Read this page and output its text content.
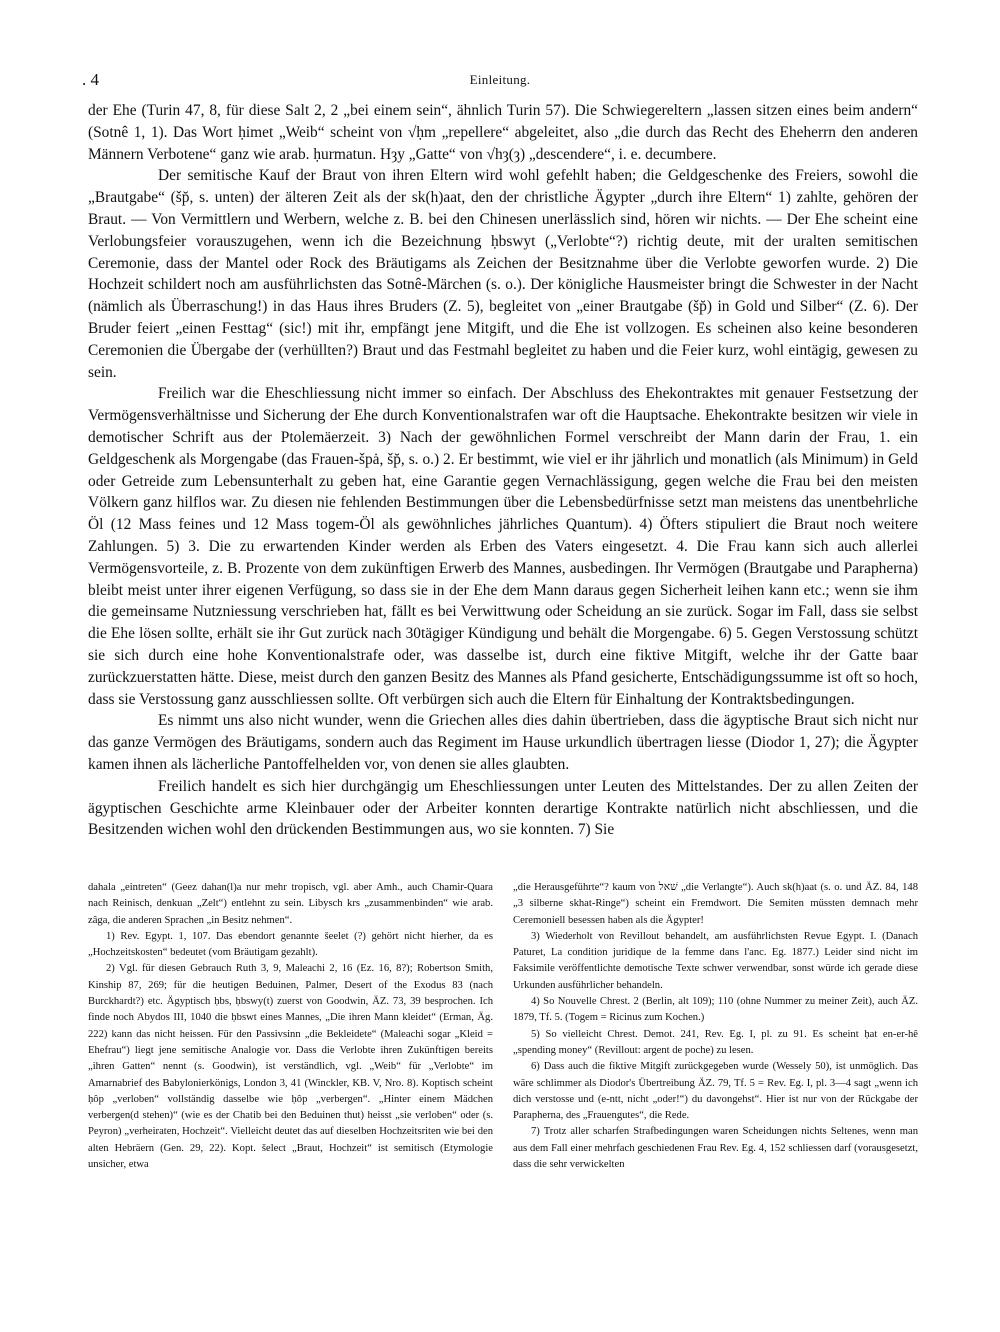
. 4	Einleitung.

der Ehe (Turin 47, 8, für diese Salt 2, 2 „bei einem sein“, ähnlich Turin 57). Die Schwiegereltern „lassen sitzen eines beim andern“ (Sotnê 1, 1). Das Wort ḥimet „Weib“ scheint von √ḥm „repellere“ abgeleitet, also „die durch das Recht des Eheherrn den anderen Männern Verbotene“ ganz wie arab. ḥurmatun. Hȝy „Gatte“ von √hȝ(ȝ) „descendere“, i. e. decumbere.

Der semitische Kauf der Braut von ihren Eltern wird wohl gefehlt haben; die Geldgeschenke des Freiers, sowohl die „Brautgabe“ (šp̆, s. unten) der älteren Zeit als der sk(h)aat, den der christliche Ägypter „durch ihre Eltern“ 1) zahlte, gehören der Braut. — Von Vermittlern und Werbern, welche z. B. bei den Chinesen unerlässlich sind, hören wir nichts. — Der Ehe scheint eine Verlobungsfeier vorauszugehen, wenn ich die Bezeichnung ḥbswyt („Verlobte“?) richtig deute, mit der uralten semitischen Ceremonie, dass der Mantel oder Rock des Bräutigams als Zeichen der Besitznahme über die Verlobte geworfen wurde. 2) Die Hochzeit schildert noch am ausführlichsten das Sotnê-Märchen (s. o.). Der königliche Hausmeister bringt die Schwester in der Nacht (nämlich als Überraschung!) in das Haus ihres Bruders (Z. 5), begleitet von „einer Brautgabe (šp̆) in Gold und Silber“ (Z. 6). Der Bruder feiert „einen Festtag“ (sic!) mit ihr, empfängt jene Mitgift, und die Ehe ist vollzogen. Es scheinen also keine besonderen Ceremonien die Übergabe der (verhüllten?) Braut und das Festmahl begleitet zu haben und die Feier kurz, wohl eintägig, gewesen zu sein.

Freilich war die Eheschliessung nicht immer so einfach. Der Abschluss des Ehekontraktes mit genauer Festsetzung der Vermögensverhältnisse und Sicherung der Ehe durch Konventionalstrafen war oft die Hauptsache. Ehekontrakte besitzen wir viele in demotischer Schrift aus der Ptolemäerzeit. 3) Nach der gewöhnlichen Formel verschreibt der Mann darin der Frau, 1. ein Geldgeschenk als Morgengabe (das Frauen-špȧ, šp̆, s. o.) 2. Er bestimmt, wie viel er ihr jährlich und monatlich (als Minimum) in Geld oder Getreide zum Lebensunterhalt zu geben hat, eine Garantie gegen Vernachlässigung, gegen welche die Frau bei den meisten Völkern ganz hilflos war. Zu diesen nie fehlenden Bestimmungen über die Lebensbedürfnisse setzt man meistens das unentbehrliche Öl (12 Mass feines und 12 Mass togem-Öl als gewöhnliches jährliches Quantum). 4) Öfters stipuliert die Braut noch weitere Zahlungen. 5) 3. Die zu erwartenden Kinder werden als Erben des Vaters eingesetzt. 4. Die Frau kann sich auch allerlei Vermögensvorteile, z. B. Prozente von dem zukünftigen Erwerb des Mannes, ausbedingen. Ihr Vermögen (Brautgabe und Parapherna) bleibt meist unter ihrer eigenen Verfügung, so dass sie in der Ehe dem Mann daraus gegen Sicherheit leihen kann etc.; wenn sie ihm die gemeinsame Nutzniessung verschrieben hat, fällt es bei Verwittwung oder Scheidung an sie zurück. Sogar im Fall, dass sie selbst die Ehe lösen sollte, erhält sie ihr Gut zurück nach 30tägiger Kündigung und behält die Morgengabe. 6) 5. Gegen Verstossung schützt sie sich durch eine hohe Konventionalstrafe oder, was dasselbe ist, durch eine fiktive Mitgift, welche ihr der Gatte baar zurückzuerstatten hätte. Diese, meist durch den ganzen Besitz des Mannes als Pfand gesicherte, Entschädigungssumme ist oft so hoch, dass sie Verstossung ganz ausschliessen sollte. Oft verbürgen sich auch die Eltern für Einhaltung der Kontraktsbedingungen.

Es nimmt uns also nicht wunder, wenn die Griechen alles dies dahin übertrieben, dass die ägyptische Braut sich nicht nur das ganze Vermögen des Bräutigams, sondern auch das Regiment im Hause urkundlich übertragen liesse (Diodor 1, 27); die Ägypter kamen ihnen als lächerliche Pantoffelhelden vor, von denen sie alles glaubten.

Freilich handelt es sich hier durchgängig um Eheschliessungen unter Leuten des Mittelstandes. Der zu allen Zeiten der ägyptischen Geschichte arme Kleinbauer oder der Arbeiter konnten derartige Kontrakte natürlich nicht abschliessen, und die Besitzenden wichen wohl den drückenden Bestimmungen aus, wo sie konnten. 7) Sie

dahala „eintreten“ (Geez dahan(l)a nur mehr tropisch, vgl. aber Amh., auch Chamir-Quara nach Reinisch, denkuan „Zelt“) entlehnt zu sein. Libysch krs „zusammenbinden“ wie arab. zâga, die anderen Sprachen „in Besitz nehmen“.

1) Rev. Egypt. 1, 107. Das ebendort genannte šeelet (?) gehört nicht hierher, da es „Hochzeitskosten“ bedeutet (vom Bräutigam gezahlt).

2) Vgl. für diesen Gebrauch Ruth 3, 9, Maleachi 2, 16 (Ez. 16, 8?); Robertson Smith, Kinship 87, 269; für die heutigen Beduinen, Palmer, Desert of the Exodus 83 (nach Burckhardt?) etc. Ägyptisch ḥbs, ḥbswy(t) zuerst von Goodwin, ÄZ. 73, 39 besprochen. Ich finde noch Abydos III, 1040 die ḥbswt eines Mannes, „Die ihren Mann kleidet“ (Erman, Äg. 222) kann das nicht heissen. Für den Passivsinn „die Bekleidete“ (Maleachi sogar „Kleid = Ehefrau“) liegt jene semitische Analogie vor. Dass die Verlobte ihren Zukünftigen bereits „ihren Gatten“ nennt (s. Goodwin), ist verständlich, vgl. „Weib“ für „Verlobte“ im Amarnabrief des Babylonierkönigs, London 3, 41 (Winckler, KB. V, Nro. 8). Koptisch scheint ḥôp „verloben“ vollständig dasselbe wie ḥôp „verbergen“. „Hinter einem Mädchen verbergen(d stehen)“ (wie es der Chatib bei den Beduinen thut) heisst „sie verloben“ oder (s. Peyron) „verheiraten, Hochzeit“. Vielleicht deutet das auf dieselben Hochzeitsriten wie bei den alten Hebräern (Gen. 29, 22). Kopt. šelect „Braut, Hochzeit“ ist semitisch (Etymologie unsicher, etwa

„die Herausgeführte“? kaum von שׁאל „die Verlangte“). Auch sk(h)aat (s. o. und ÄZ. 84, 148 „3 silberne skhat-Ringe“) scheint ein Fremdwort. Die Semiten müssten demnach mehr Ceremoniell besessen haben als die Ägypter!

3) Wiederholt von Revillout behandelt, am ausführlichsten Revue Egypt. I. (Danach Paturet, La condition juridique de la femme dans l'anc. Eg. 1877.) Leider sind nicht im Faksimile veröffentlichte demotische Texte schwer verwendbar, sonst würde ich gerade diese Urkunden ausführlicher behandeln.

4) So Nouvelle Chrest. 2 (Berlin, alt 109); 110 (ohne Nummer zu meiner Zeit), auch ÄZ. 1879, Tf. 5. (Togem = Ricinus zum Kochen.)

5) So vielleicht Chrest. Demot. 241, Rev. Eg. I, pl. zu 91. Es scheint ḥat en-er-hê „spending money“ (Revillout: argent de poche) zu lesen.

6) Dass auch die fiktive Mitgift zurückgegeben wurde (Wessely 50), ist unmöglich. Das wäre schlimmer als Diodor's Übertreibung ÄZ. 79, Tf. 5 = Rev. Eg. I, pl. 3—4 sagt „wenn ich dich verstosse und (e-ntt, nicht „oder!“) du davongehst“. Hier ist nur von der Rückgabe der Parapherna, des „Frauengutes“, die Rede.

7) Trotz aller scharfen Strafbedingungen waren Scheidungen nichts Seltenes, wenn man aus dem Fall einer mehrfach geschiedenen Frau Rev. Eg. 4, 152 schliessen darf (vorausgesetzt, dass die sehr verwickelten
